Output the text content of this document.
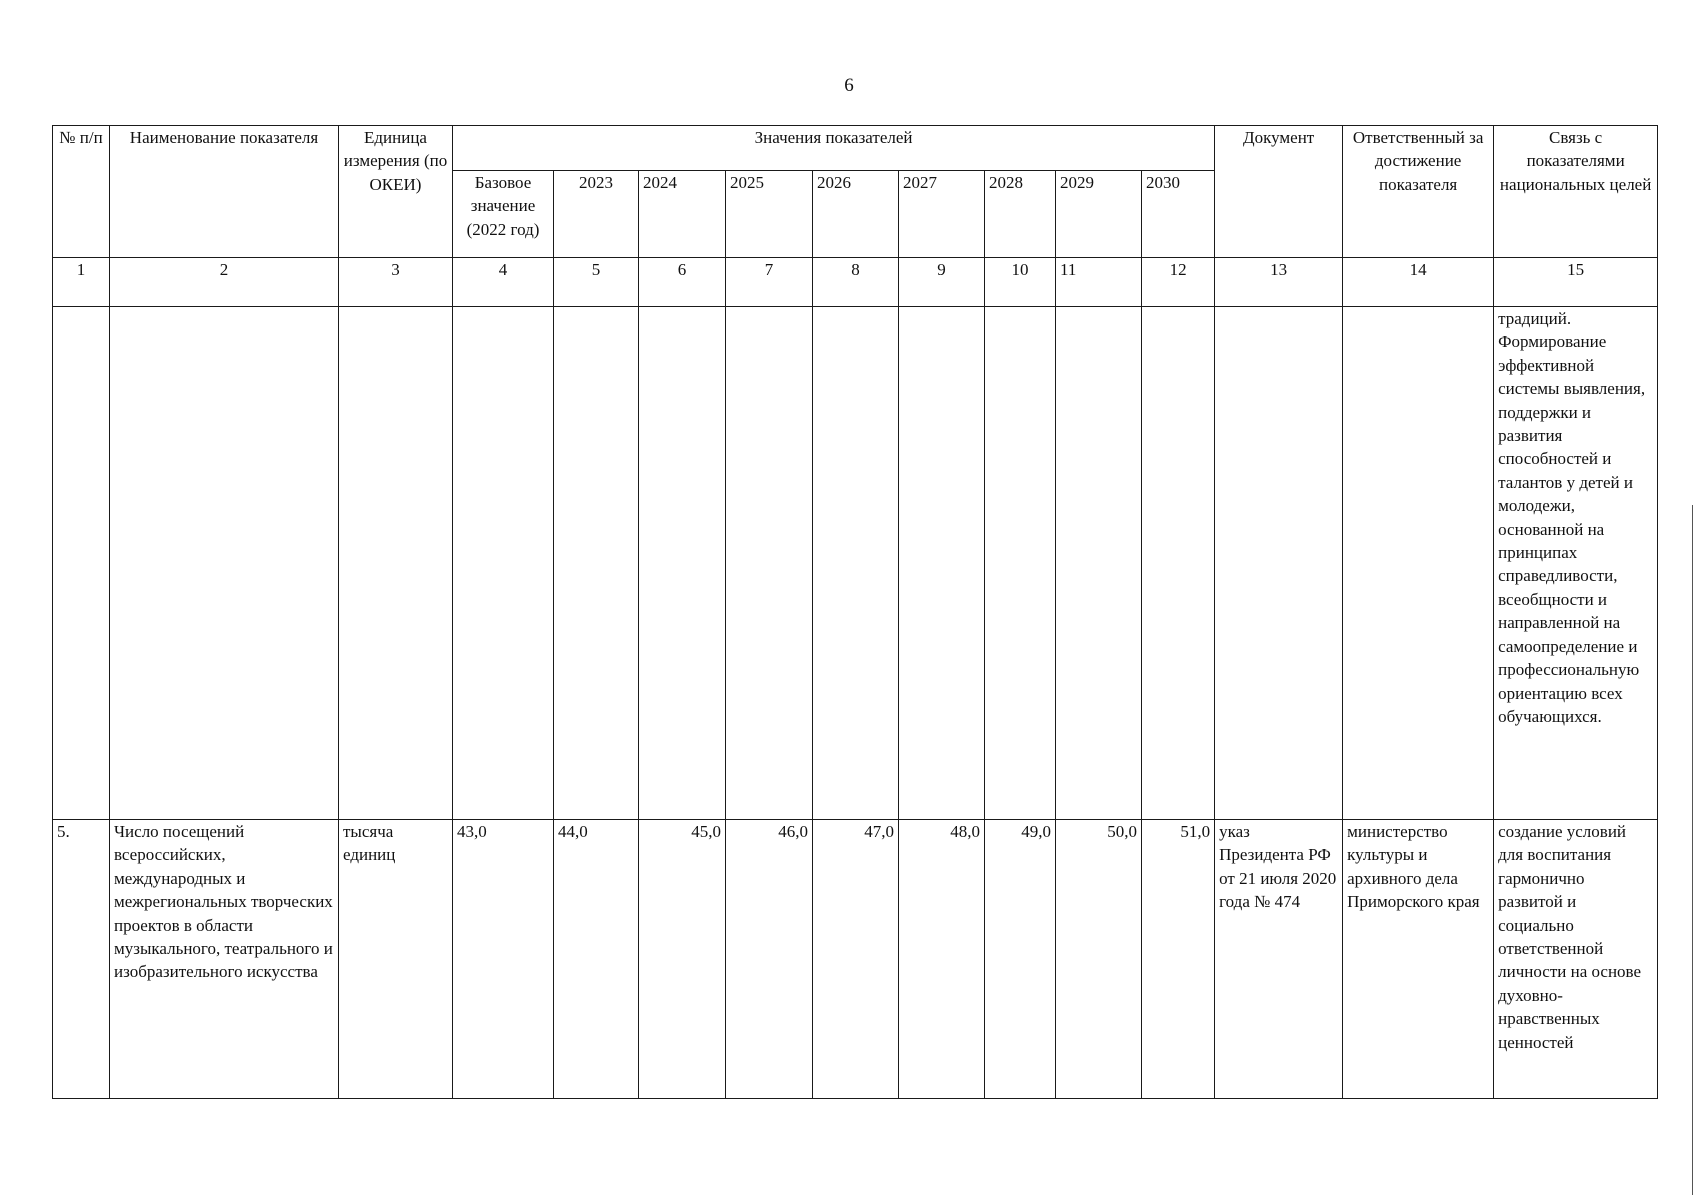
6
№ п/п	Наименование показателя	Единица измерения (по ОКЕИ)	Значения показателей									Документ	Ответственный за достижение показателя	Связь с показателями национальных целей
			Базовое значение (2022 год)	2023	2024	2025	2026	2027	2028	2029	2030			
1	2	3	4	5	6	7	8	9	10	11	12	13	14	15
														традиций. Формирование эффективной системы выявления, поддержки и развития способностей и талантов у детей и молодежи, основанной на принципах справедливости, всеобщности и направленной на самоопределение и профессиональную ориентацию всех обучающихся.
5.	Число посещений всероссийских, международных и межрегиональных творческих проектов в области музыкального, театрального и изобразительного искусства	тысяча единиц	43,0	44,0	45,0	46,0	47,0	48,0	49,0	50,0	51,0	указ Президента РФ от 21 июля 2020 года № 474	министерство культуры и архивного дела Приморского края	создание условий для воспитания гармонично развитой и социально ответственной личности на основе духовно-нравственных ценностей
